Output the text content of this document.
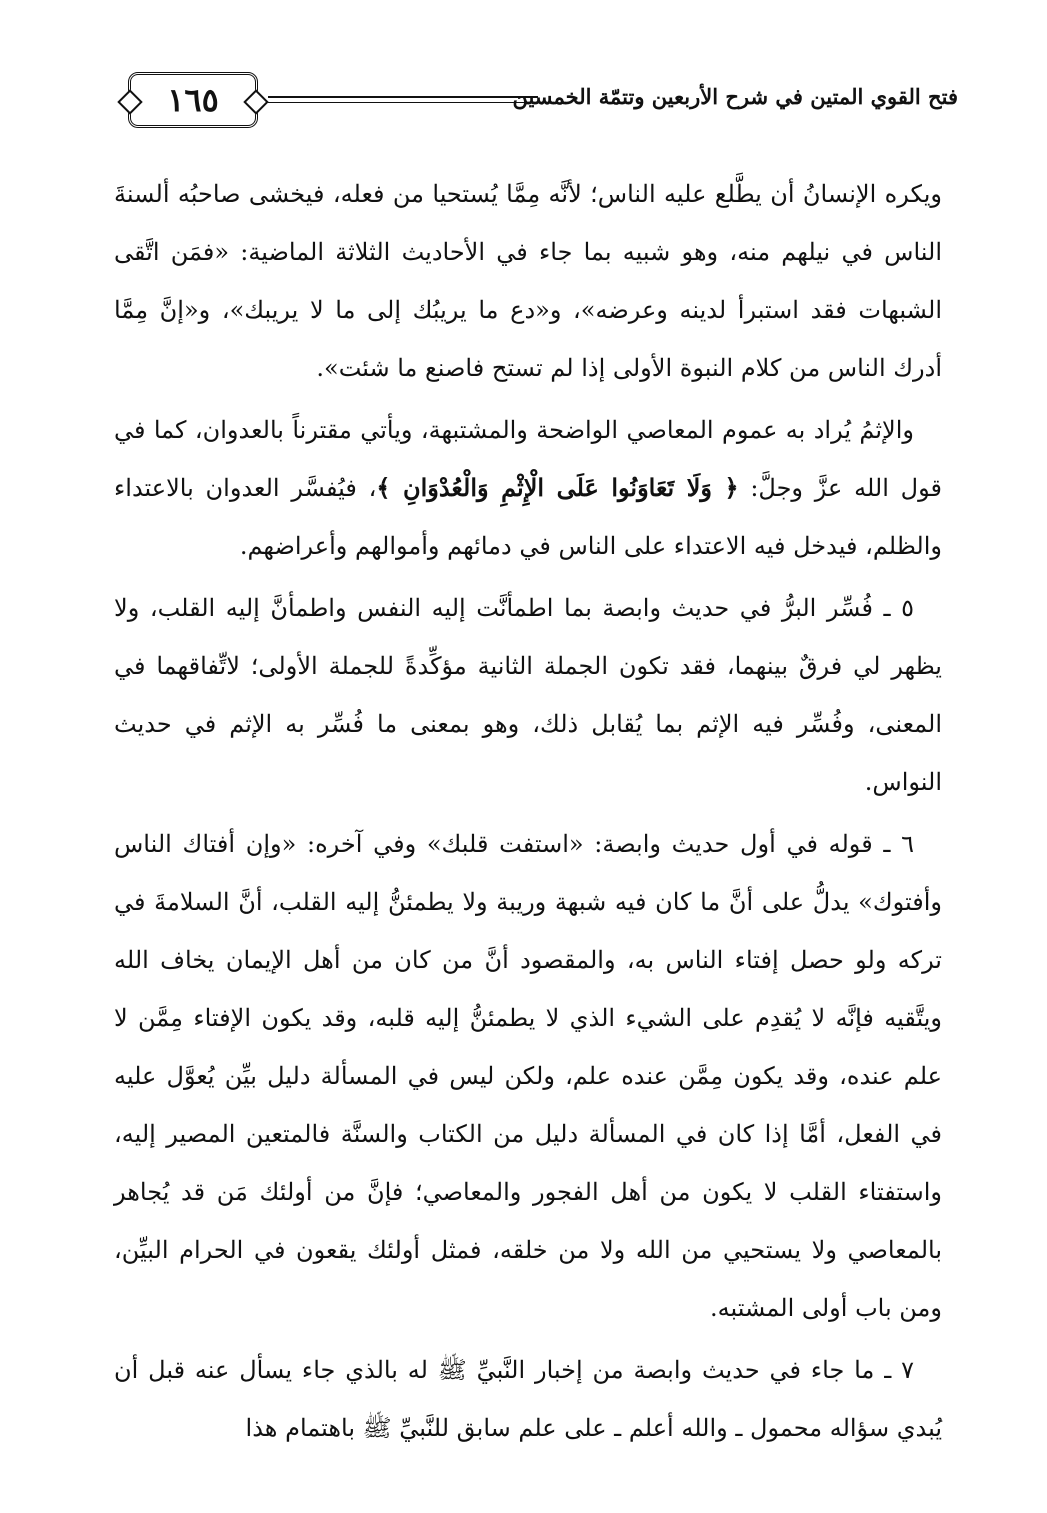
١٦٥	فتح القوي المتين في شرح الأربعين وتتمّة الخمسين

ويكره الإنسانُ أن يطَّلع عليه الناس؛ لأنَّه مِمَّا يُستحيا من فعله، فيخشى صاحبُه ألسنةَ الناس في نيلهم منه، وهو شبيه بما جاء في الأحاديث الثلاثة الماضية: «فمَن اتَّقى الشبهات فقد استبرأ لدينه وعرضه»، و«دع ما يريبُك إلى ما لا يريبك»، و«إنَّ مِمَّا أدرك الناس من كلام النبوة الأولى إذا لم تستح فاصنع ما شئت».

والإثمُ يُراد به عموم المعاصي الواضحة والمشتبهة، ويأتي مقترناً بالعدوان، كما في قول الله عزَّ وجلَّ: ﴿ وَلَا تَعَاوَنُوا عَلَى الْإِثْمِ وَالْعُدْوَانِ ﴾، فيُفسَّر العدوان بالاعتداء والظلم، فيدخل فيه الاعتداء على الناس في دمائهم وأموالهم وأعراضهم.

٥ ـ فُسِّر البرُّ في حديث وابصة بما اطمأنَّت إليه النفس واطمأنَّ إليه القلب، ولا يظهر لي فرقٌ بينهما، فقد تكون الجملة الثانية مؤكِّدةً للجملة الأولى؛ لاتِّفاقهما في المعنى، وفُسِّر فيه الإثم بما يُقابل ذلك، وهو بمعنى ما فُسِّر به الإثم في حديث النواس.

٦ ـ قوله في أول حديث وابصة: «استفت قلبك» وفي آخره: «وإن أفتاك الناس وأفتوك» يدلُّ على أنَّ ما كان فيه شبهة وريبة ولا يطمئنُّ إليه القلب، أنَّ السلامةَ في تركه ولو حصل إفتاء الناس به، والمقصود أنَّ من كان من أهل الإيمان يخاف الله ويتَّقيه فإنَّه لا يُقدِم على الشيء الذي لا يطمئنُّ إليه قلبه، وقد يكون الإفتاء مِمَّن لا علم عنده، وقد يكون مِمَّن عنده علم، ولكن ليس في المسألة دليل بيِّن يُعوَّل عليه في الفعل، أمَّا إذا كان في المسألة دليل من الكتاب والسنَّة فالمتعين المصير إليه، واستفتاء القلب لا يكون من أهل الفجور والمعاصي؛ فإنَّ من أولئك مَن قد يُجاهر بالمعاصي ولا يستحيي من الله ولا من خلقه، فمثل أولئك يقعون في الحرام البيِّن، ومن باب أولى المشتبه.

٧ ـ ما جاء في حديث وابصة من إخبار النَّبيِّ ﷺ له بالذي جاء يسأل عنه قبل أن يُبدي سؤاله محمول ـ والله أعلم ـ على علم سابق للنَّبيِّ ﷺ باهتمام هذا
